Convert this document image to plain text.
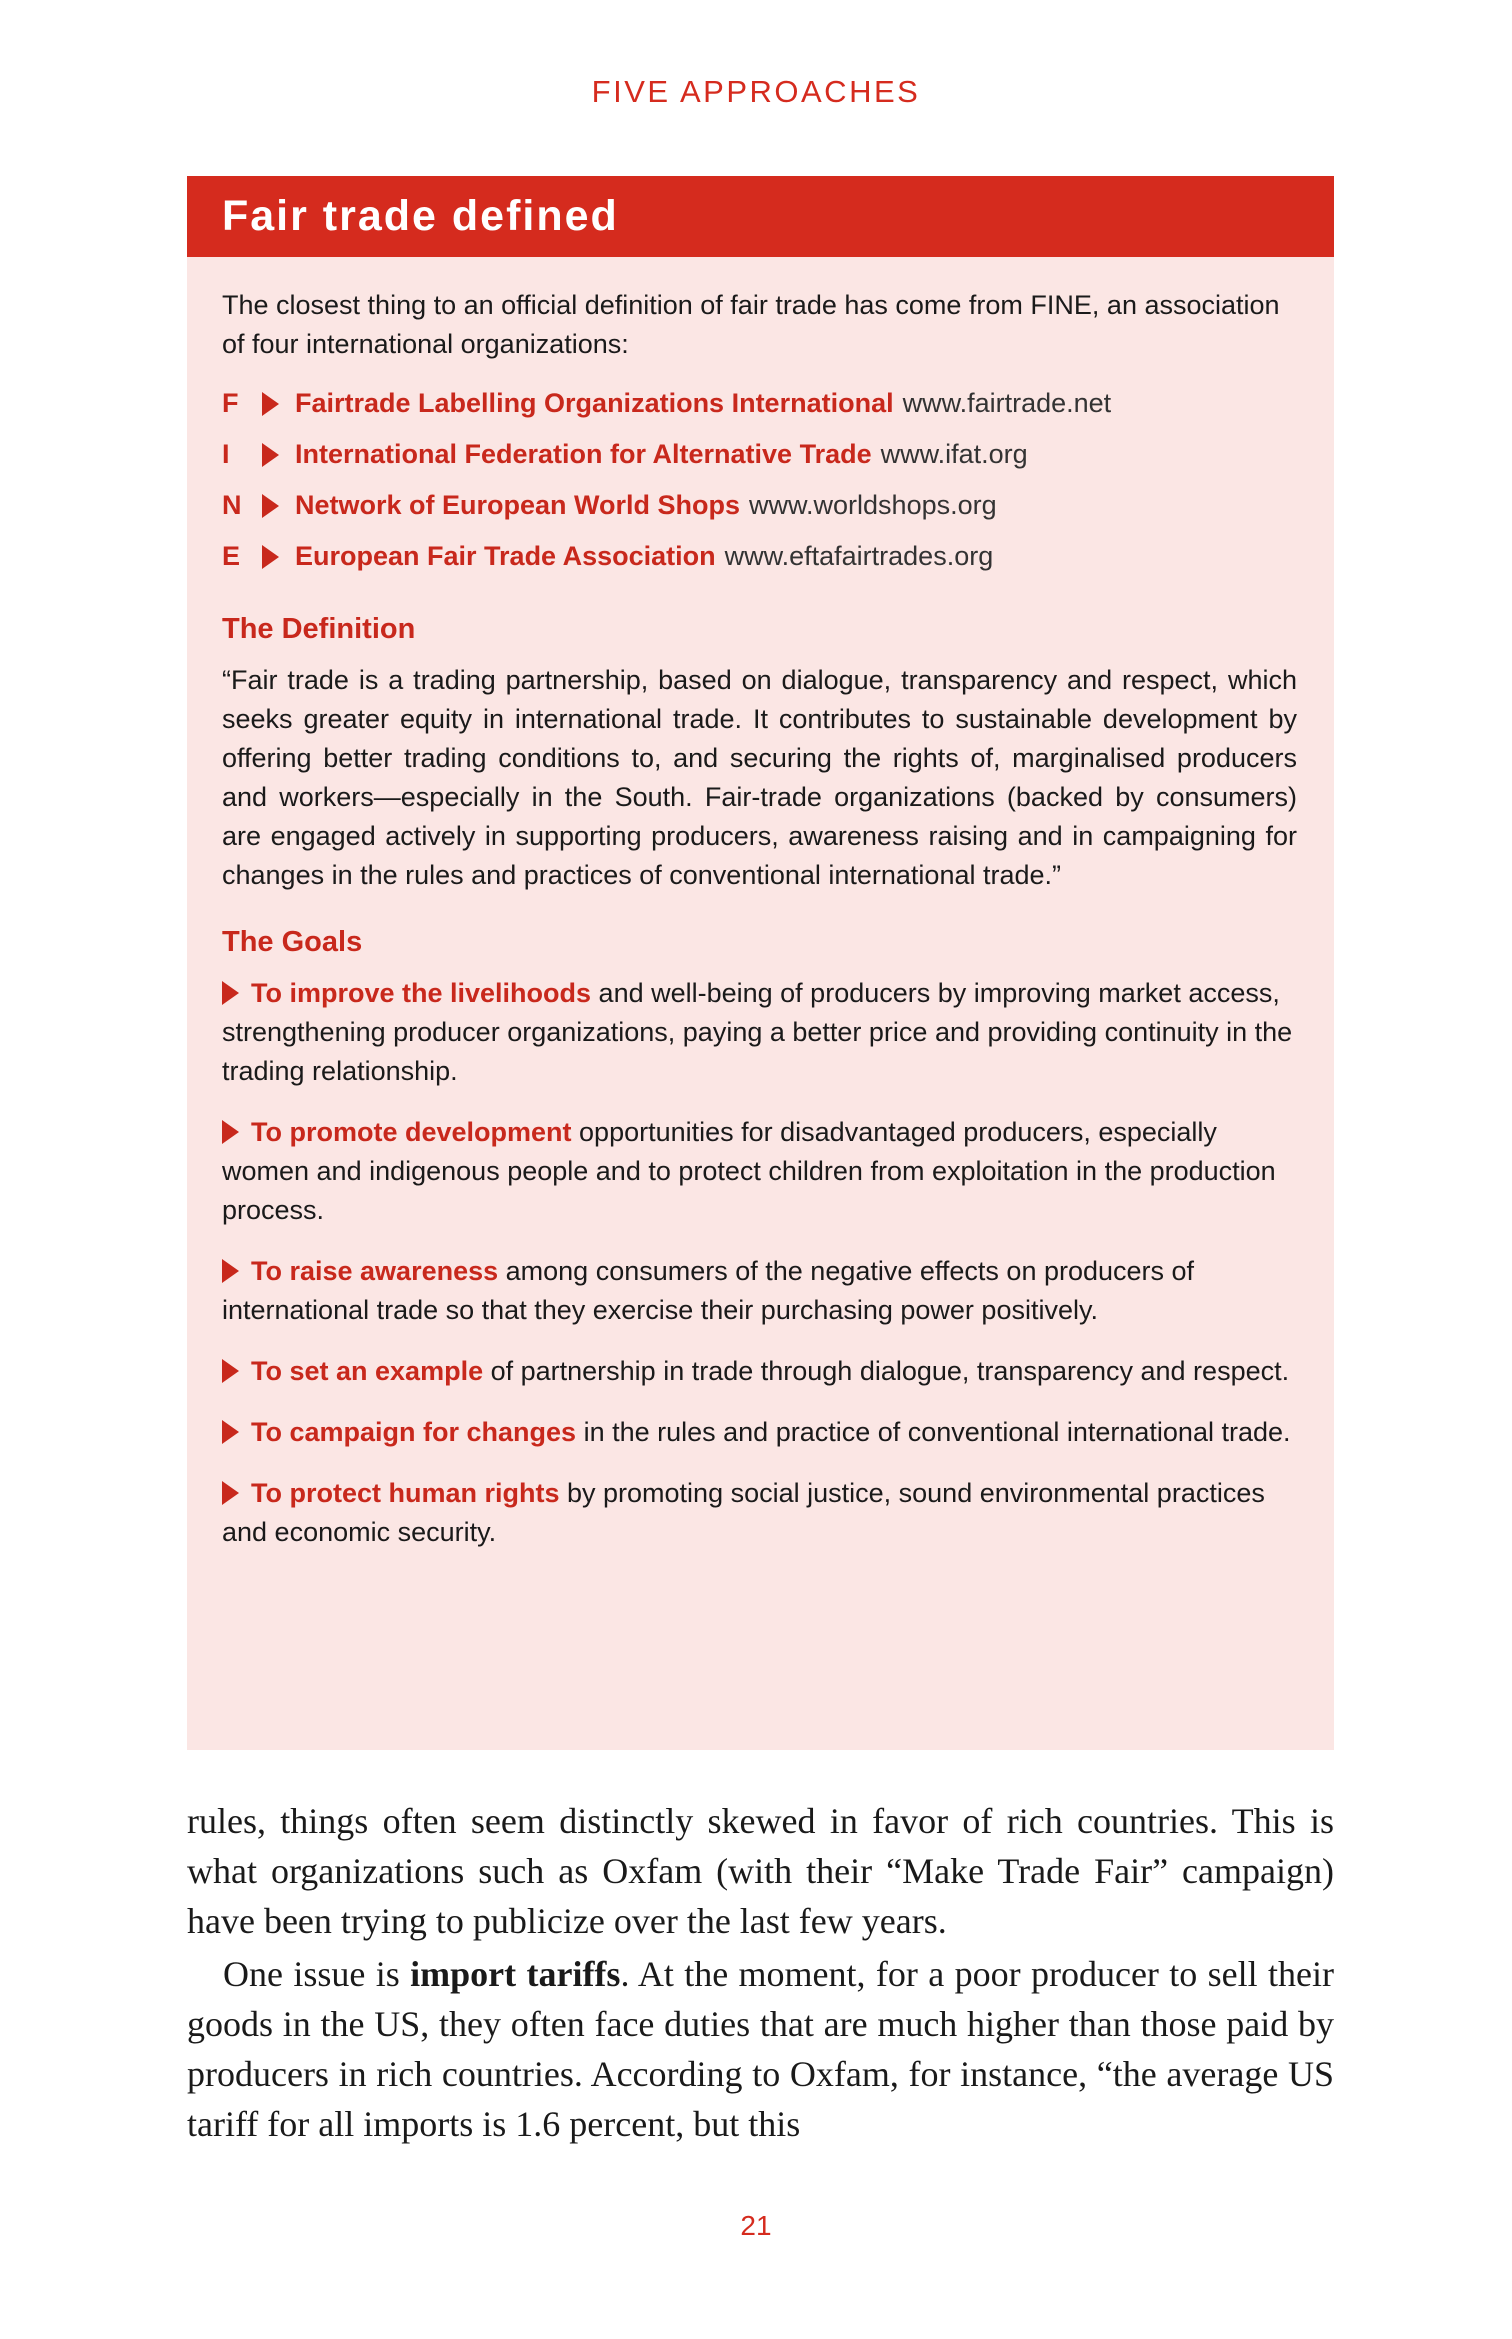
FIVE APPROACHES
Fair trade defined

The closest thing to an official definition of fair trade has come from FINE, an association of four international organizations:

F	Fairtrade Labelling Organizations International www.fairtrade.net
I	International Federation for Alternative Trade www.ifat.org
N	Network of European World Shops www.worldshops.org
E	European Fair Trade Association www.eftafairtrades.org
The Definition

“Fair trade is a trading partnership, based on dialogue, transparency and respect, which seeks greater equity in international trade. It contributes to sustainable development by offering better trading conditions to, and securing the rights of, marginalised producers and workers—especially in the South. Fair-trade organizations (backed by consumers) are engaged actively in supporting producers, awareness raising and in campaigning for changes in the rules and practices of conventional international trade.”

The Goals

To improve the livelihoods and well-being of producers by improving market access, strengthening producer organizations, paying a better price and providing continuity in the trading relationship.

To promote development opportunities for disadvantaged producers, especially women and indigenous people and to protect children from exploitation in the production process.

To raise awareness among consumers of the negative effects on producers of international trade so that they exercise their purchasing power positively.

To set an example of partnership in trade through dialogue, transparency and respect.

To campaign for changes in the rules and practice of conventional international trade.

To protect human rights by promoting social justice, sound environmental practices and economic security.

rules, things often seem distinctly skewed in favor of rich countries. This is what organizations such as Oxfam (with their “Make Trade Fair” campaign) have been trying to publicize over the last few years.

One issue is import tariffs. At the moment, for a poor producer to sell their goods in the US, they often face duties that are much higher than those paid by producers in rich countries. According to Oxfam, for instance, “the average US tariff for all imports is 1.6 percent, but this

21
